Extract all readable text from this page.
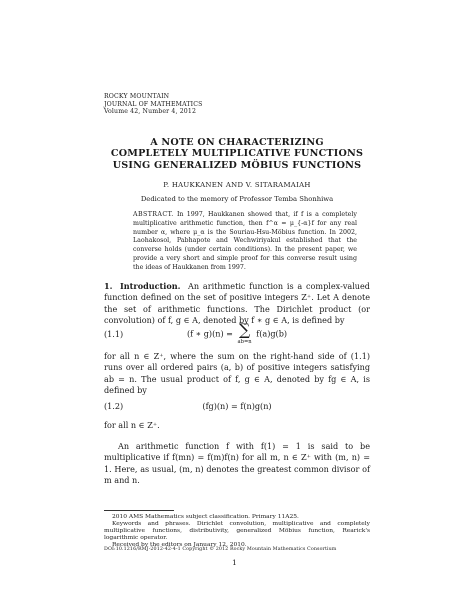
ROCKY MOUNTAIN
JOURNAL OF MATHEMATICS
Volume 42, Number 4, 2012
A NOTE ON CHARACTERIZING
COMPLETELY MULTIPLICATIVE FUNCTIONS
USING GENERALIZED MÖBIUS FUNCTIONS
P. HAUKKANEN AND V. SITARAMAIAH
Dedicated to the memory of Professor Temba Shonhiwa
ABSTRACT. In 1997, Haukkanen showed that, if f is a completely multiplicative arithmetic function, then f^α = μ_{-α}f for any real number α, where μ_α is the Souriau-Hsu-Möbius function. In 2002, Laohakosol, Pabhapote and Wechwiriyakul established that the converse holds (under certain conditions). In the present paper, we provide a very short and simple proof for this converse result using the ideas of Haukkanen from 1997.
1. Introduction. An arithmetic function is a complex-valued function defined on the set of positive integers Z⁺. Let A denote the set of arithmetic functions. The Dirichlet product (or convolution) of f, g ∈ A, denoted by f ∗ g ∈ A, is defined by
(1.1)	(f ∗ g)(n) = ∑
ab=n
f(a)g(b)
for all n ∈ Z⁺, where the sum on the right-hand side of (1.1) runs over all ordered pairs (a, b) of positive integers satisfying ab = n. The usual product of f, g ∈ A, denoted by fg ∈ A, is defined by
(1.2)	(fg)(n) = f(n)g(n)
for all n ∈ Z⁺.
An arithmetic function f with f(1) = 1 is said to be multiplicative if f(mn) = f(m)f(n) for all m, n ∈ Z⁺ with (m, n) = 1. Here, as usual, (m, n) denotes the greatest common divisor of m and n.
2010 AMS Mathematics subject classification. Primary 11A25.
Keywords and phrases. Dirichlet convolution, multiplicative and completely multiplicative functions, distributivity, generalized Möbius function, Rearick's logarithmic operator.
Received by the editors on January 12, 2010.
DOI:10.1216/RMJ-2012-42-4-1 Copyright © 2012 Rocky Mountain Mathematics Consortium
1
